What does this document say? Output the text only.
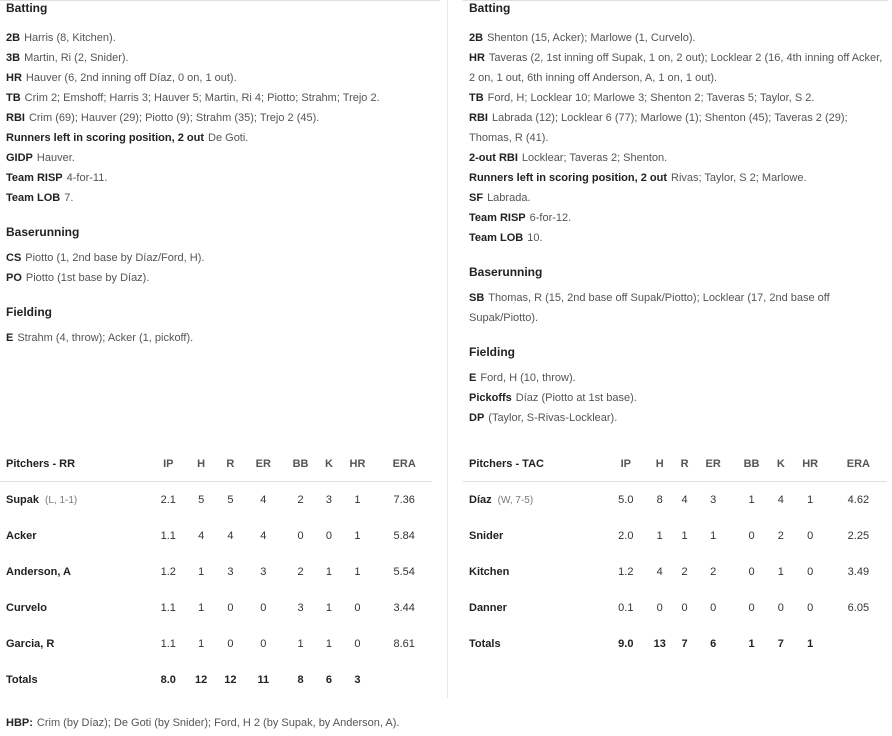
Batting
2B Harris (8, Kitchen).
3B Martin, Ri (2, Snider).
HR Hauver (6, 2nd inning off Díaz, 0 on, 1 out).
TB Crim 2; Emshoff; Harris 3; Hauver 5; Martin, Ri 4; Piotto; Strahm; Trejo 2.
RBI Crim (69); Hauver (29); Piotto (9); Strahm (35); Trejo 2 (45).
Runners left in scoring position, 2 out De Goti.
GIDP Hauver.
Team RISP 4-for-11.
Team LOB 7.
Baserunning
CS Piotto (1, 2nd base by Díaz/Ford, H).
PO Piotto (1st base by Díaz).
Fielding
E Strahm (4, throw); Acker (1, pickoff).
Batting
2B Shenton (15, Acker); Marlowe (1, Curvelo).
HR Taveras (2, 1st inning off Supak, 1 on, 2 out); Locklear 2 (16, 4th inning off Acker, 2 on, 1 out, 6th inning off Anderson, A, 1 on, 1 out).
TB Ford, H; Locklear 10; Marlowe 3; Shenton 2; Taveras 5; Taylor, S 2.
RBI Labrada (12); Locklear 6 (77); Marlowe (1); Shenton (45); Taveras 2 (29); Thomas, R (41).
2-out RBI Locklear; Taveras 2; Shenton.
Runners left in scoring position, 2 out Rivas; Taylor, S 2; Marlowe.
SF Labrada.
Team RISP 6-for-12.
Team LOB 10.
Baserunning
SB Thomas, R (15, 2nd base off Supak/Piotto); Locklear (17, 2nd base off Supak/Piotto).
Fielding
E Ford, H (10, throw).
Pickoffs Díaz (Piotto at 1st base).
DP (Taylor, S-Rivas-Locklear).
Pitchers - RR	IP	H	R	ER	BB	K	HR	ERA
Supak (L, 1-1)	2.1	5	5	4	2	3	1	7.36
Acker	1.1	4	4	4	0	0	1	5.84
Anderson, A	1.2	1	3	3	2	1	1	5.54
Curvelo	1.1	1	0	0	3	1	0	3.44
Garcia, R	1.1	1	0	0	1	1	0	8.61
Totals	8.0	12	12	11	8	6	3	
Pitchers - TAC	IP	H	R	ER	BB	K	HR	ERA
Díaz (W, 7-5)	5.0	8	4	3	1	4	1	4.62
Snider	2.0	1	1	1	0	2	0	2.25
Kitchen	1.2	4	2	2	0	1	0	3.49
Danner	0.1	0	0	0	0	0	0	6.05
Totals	9.0	13	7	6	1	7	1	
HBP: Crim (by Díaz); De Goti (by Snider); Ford, H 2 (by Supak, by Anderson, A).
